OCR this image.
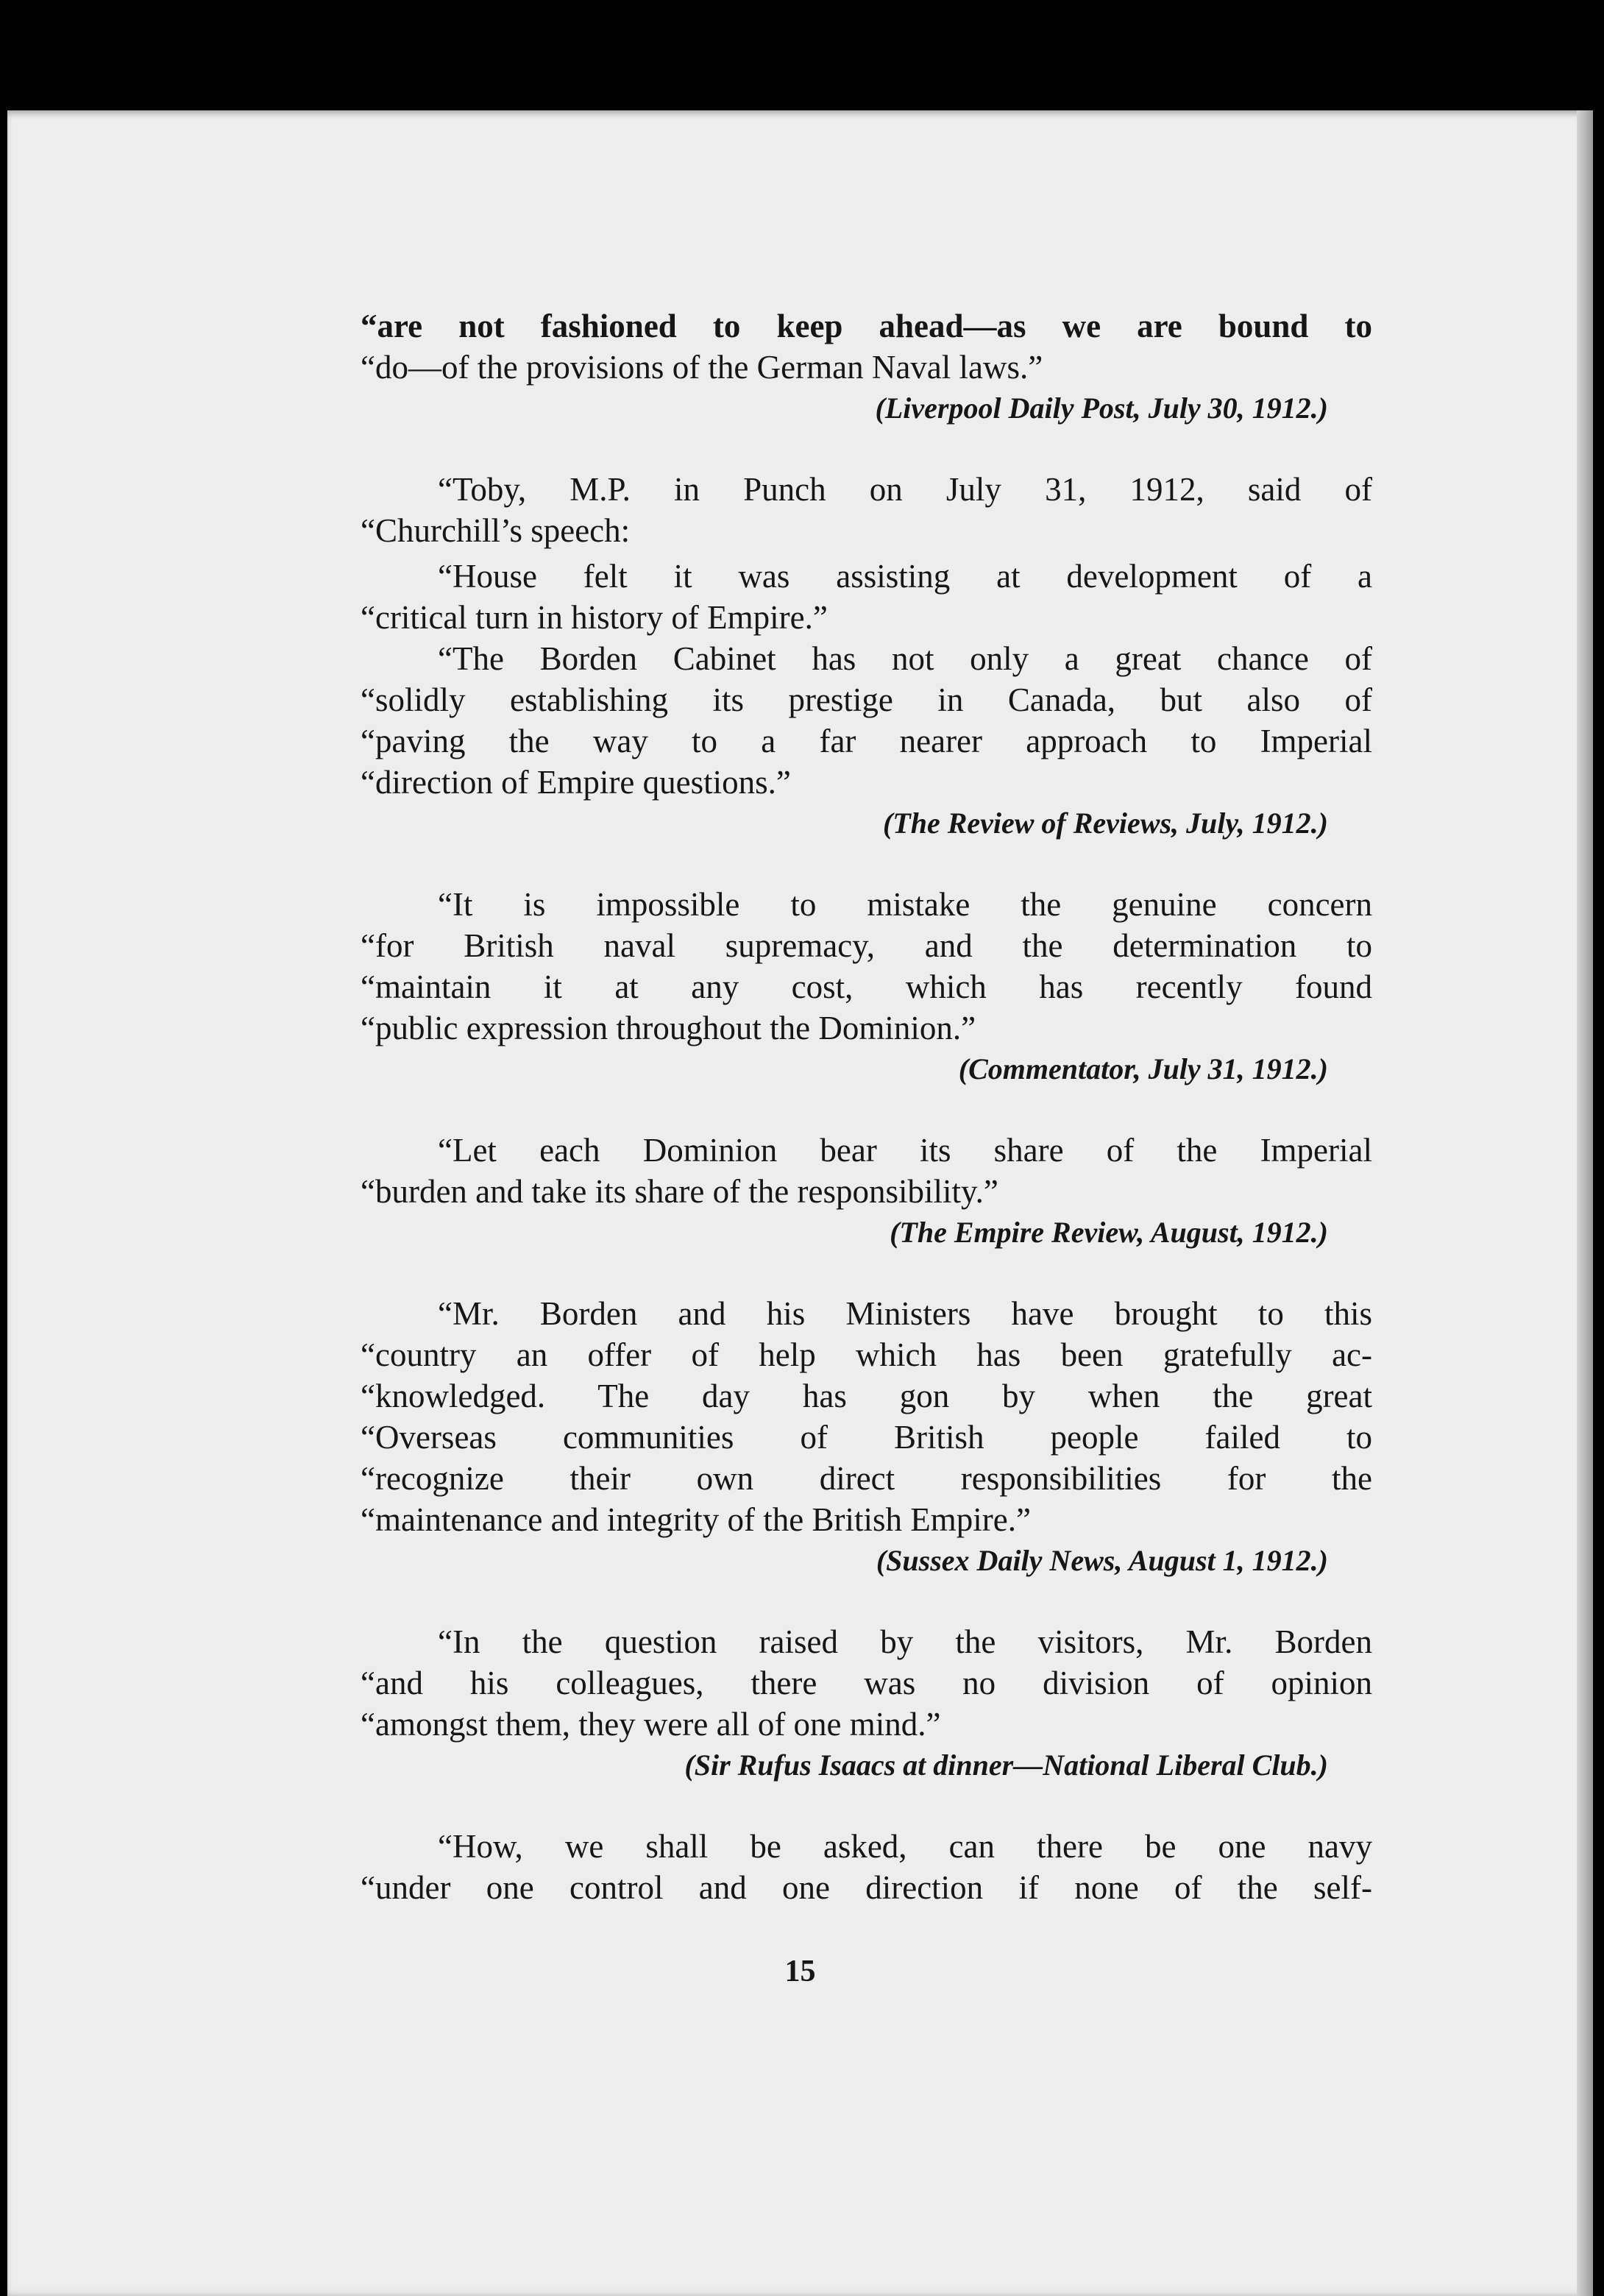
“are not fashioned to keep ahead—as we are bound to
“do—of the provisions of the German Naval laws.”
(Liverpool Daily Post, July 30, 1912.)
“Toby, M.P. in Punch on July 31, 1912, said of
“Churchill’s speech:
“House felt it was assisting at development of a
“critical turn in history of Empire.”
“The Borden Cabinet has not only a great chance of
“solidly establishing its prestige in Canada, but also of
“paving the way to a far nearer approach to Imperial
“direction of Empire questions.”
(The Review of Reviews, July, 1912.)
“It is impossible to mistake the genuine concern
“for British naval supremacy, and the determination to
“maintain it at any cost, which has recently found
“public expression throughout the Dominion.”
(Commentator, July 31, 1912.)
“Let each Dominion bear its share of the Imperial
“burden and take its share of the responsibility.”
(The Empire Review, August, 1912.)
“Mr. Borden and his Ministers have brought to this
“country an offer of help which has been gratefully ac-
“knowledged. The day has gon by when the great
“Overseas communities of British people failed to
“recognize their own direct responsibilities for the
“maintenance and integrity of the British Empire.”
(Sussex Daily News, August 1, 1912.)
“In the question raised by the visitors, Mr. Borden
“and his colleagues, there was no division of opinion
“amongst them, they were all of one mind.”
(Sir Rufus Isaacs at dinner—National Liberal Club.)
“How, we shall be asked, can there be one navy
“under one control and one direction if none of the self-
15
